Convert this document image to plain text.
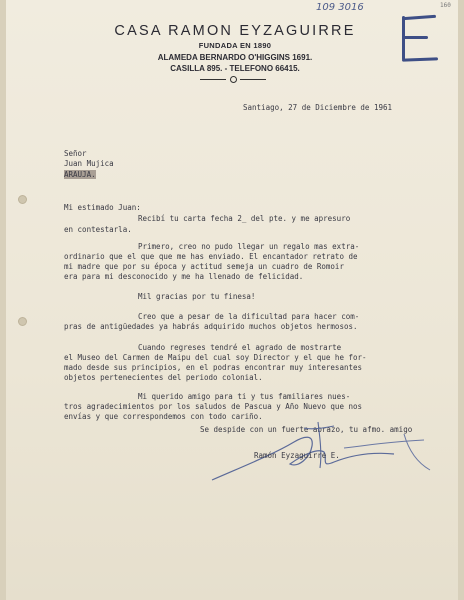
109 3016	160
CASA RAMON EYZAGUIRRE
FUNDADA EN 1890
ALAMEDA BERNARDO O'HIGGINS 1691.
CASILLA 895. - TELEFONO 66415.
Santiago, 27 de Diciembre de 1961
Señor
Juan Mujica
ARAUJA.
Mi estimado Juan:
Recibí tu carta fecha 2_ del pte. y me apresuro
en contestarla.
Primero, creo no pudo llegar un regalo mas extra-
ordinario que el que que me has enviado. El encantador retrato de
mi madre que por su época y actitud semeja un cuadro de Romoir
era para mi desconocido y me ha llenado de felicidad.
Mil gracias por tu finesa!
Creo que a pesar de la dificultad para hacer com-
pras de antigüedades ya habrás adquirido muchos objetos hermosos.
Cuando regreses tendré el agrado de mostrarte
el Museo del Carmen de Maipu del cual soy Director y el que he for-
mado desde sus principios, en el podras encontrar muy interesantes
objetos pertenecientes del periodo colonial.
Mi querido amigo para ti y tus familiares nues-
tros agradecimientos por los saludos de Pascua y Año Nuevo que nos
envías y que correspondemos con todo cariño.
Se despide con un fuerte abrazo, tu afmo. amigo
Ramón Eyzaguirre E.
